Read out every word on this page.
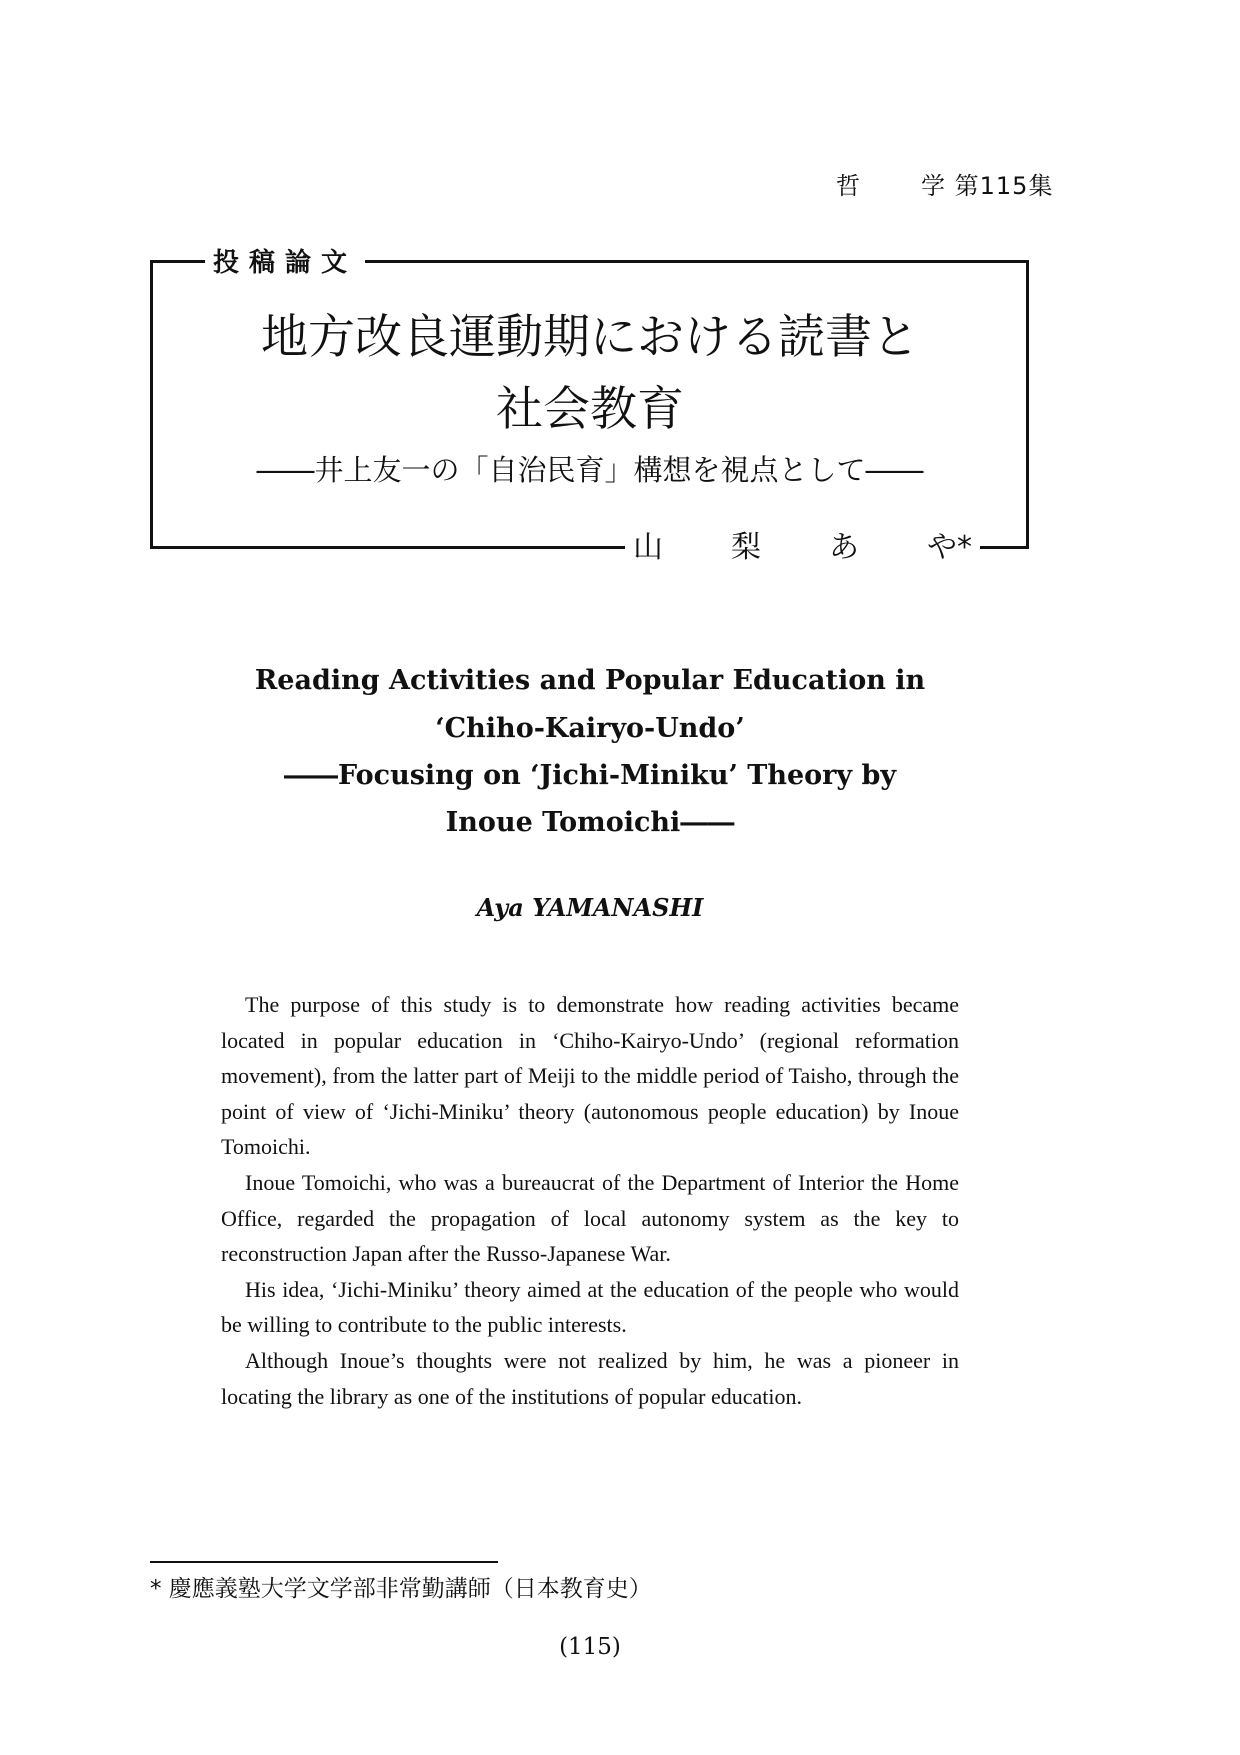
哲	学 第115集
投稿論文
地方改良運動期における読書と
社会教育
――井上友一の「自治民育」構想を視点として――
山 梨 あ や*
Reading Activities and Popular Education in
‘Chiho-Kairyo-Undo’
――Focusing on ‘Jichi-Miniku’ Theory by
Inoue Tomoichi――
Aya YAMANASHI

The purpose of this study is to demonstrate how reading activities became located in popular education in ‘Chiho-Kairyo-Undo’ (regional reformation movement), from the latter part of Meiji to the middle period of Taisho, through the point of view of ‘Jichi-Miniku’ theory (autonomous people education) by Inoue Tomoichi.

Inoue Tomoichi, who was a bureaucrat of the Department of Interior the Home Office, regarded the propagation of local autonomy system as the key to reconstruction Japan after the Russo-Japanese War.

His idea, ‘Jichi-Miniku’ theory aimed at the education of the people who would be willing to contribute to the public interests.

Although Inoue’s thoughts were not realized by him, he was a pioneer in locating the library as one of the institutions of popular education.

* 慶應義塾大学文学部非常勤講師（日本教育史）
(115)
